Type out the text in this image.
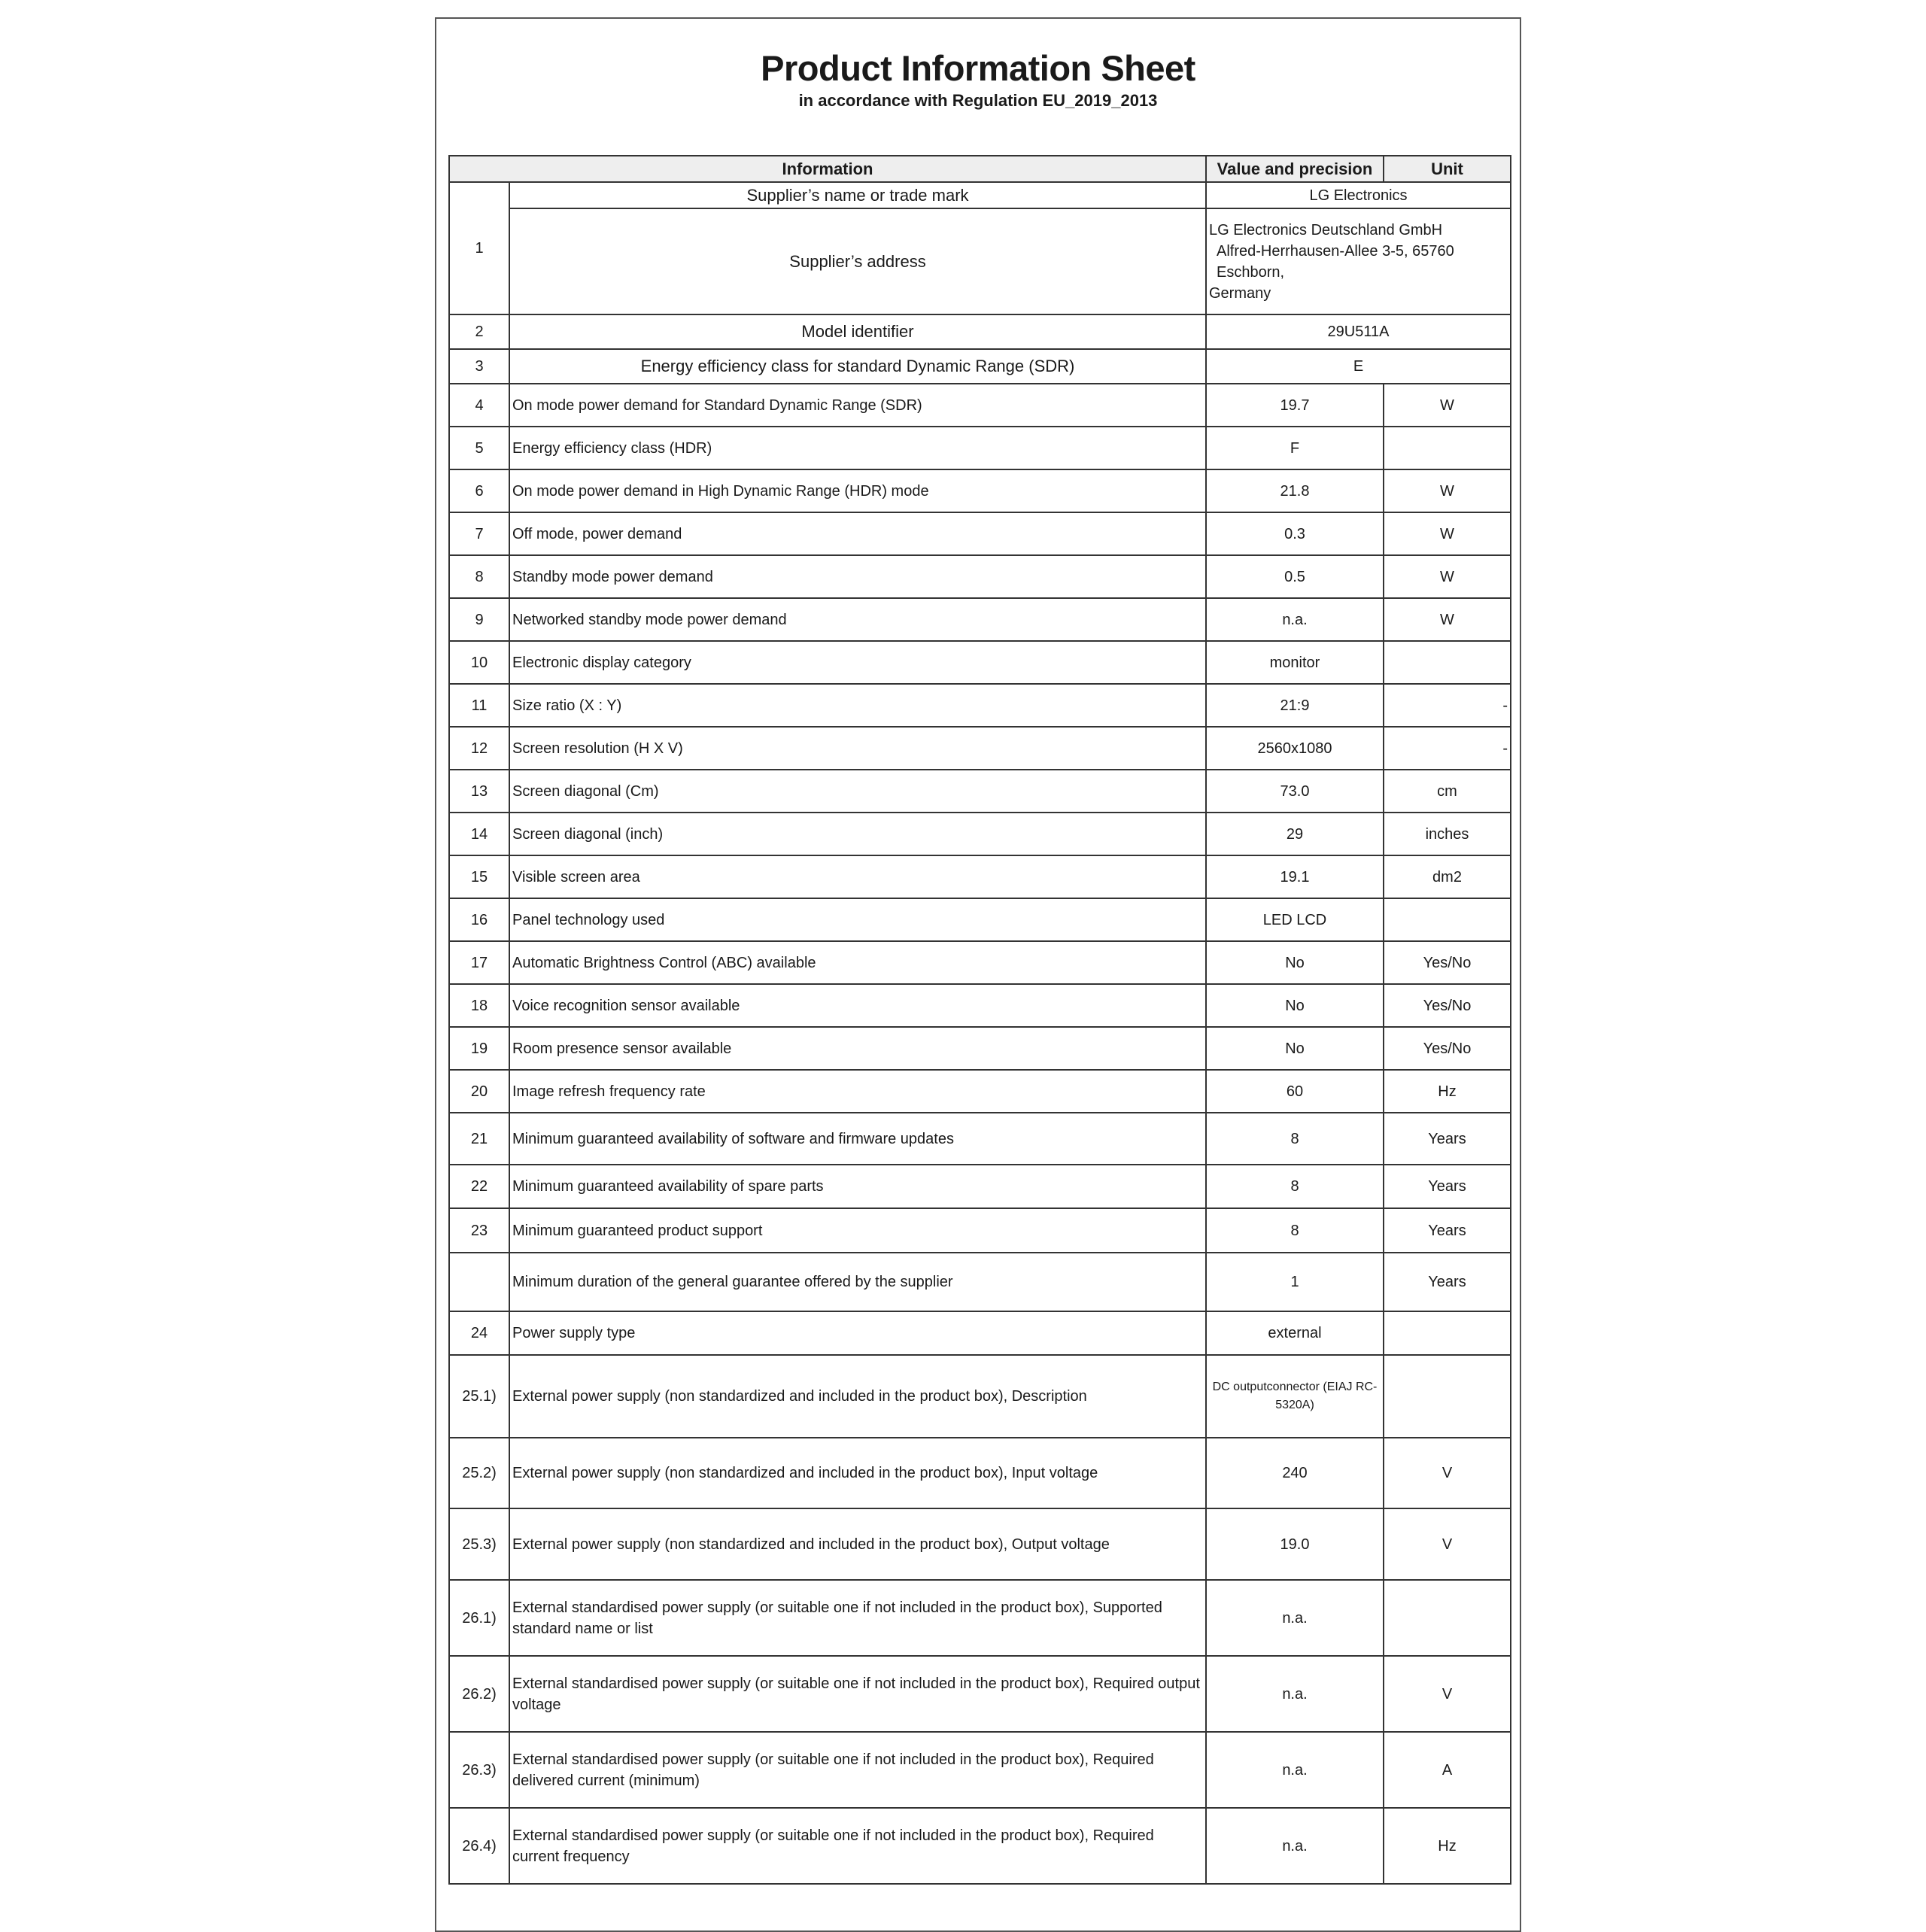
Product Information Sheet
in accordance with Regulation EU_2019_2013
Information		Value and precision	Unit
1	Supplier’s name or trade mark	LG Electronics	
	Supplier’s address	LG Electronics Deutschland GmbH
Alfred-Herrhausen-Allee 3-5, 65760 Eschborn,
Germany	

2	Model identifier	29U511A	
3	Energy efficiency class for standard Dynamic Range (SDR)	E	
4	On mode power demand for Standard Dynamic Range (SDR)	19.7	W
5	Energy efficiency class (HDR)	F	
6	On mode power demand in High Dynamic Range (HDR) mode	21.8	W
7	Off mode, power demand	0.3	W
8	Standby mode power demand	0.5	W
9	Networked standby mode power demand	n.a.	W
10	Electronic display category	monitor	
11	Size ratio (X : Y)	21:9	-
12	Screen resolution (H X V)	2560x1080	-
13	Screen diagonal (Cm)	73.0	cm
14	Screen diagonal (inch)	29	inches
15	Visible screen area	19.1	dm2
16	Panel technology used	LED LCD	
17	Automatic Brightness Control (ABC) available	No	Yes/No
18	Voice recognition sensor available	No	Yes/No
19	Room presence sensor available	No	Yes/No
20	Image refresh frequency rate	60	Hz
21	Minimum guaranteed availability of software and firmware updates	8	Years
22	Minimum guaranteed availability of spare parts	8	Years
23	Minimum guaranteed product support	8	Years
	Minimum duration of the general guarantee offered by the supplier	1	Years
24	Power supply type	external	
25.1)	External power supply (non standardized and included in the product box), Description	DC outputconnector (EIAJ RC-5320A)	
25.2)	External power supply (non standardized and included in the product box), Input voltage	240	V
25.3)	External power supply (non standardized and included in the product box), Output voltage	19.0	V
26.1)	External standardised power supply (or suitable one if not included in the product box), Supported standard name or list	n.a.	
26.2)	External standardised power supply (or suitable one if not included in the product box), Required output voltage	n.a.	V
26.3)	External standardised power supply (or suitable one if not included in the product box), Required delivered current (minimum)	n.a.	A
26.4)	External standardised power supply (or suitable one if not included in the product box), Required current frequency	n.a.	Hz
